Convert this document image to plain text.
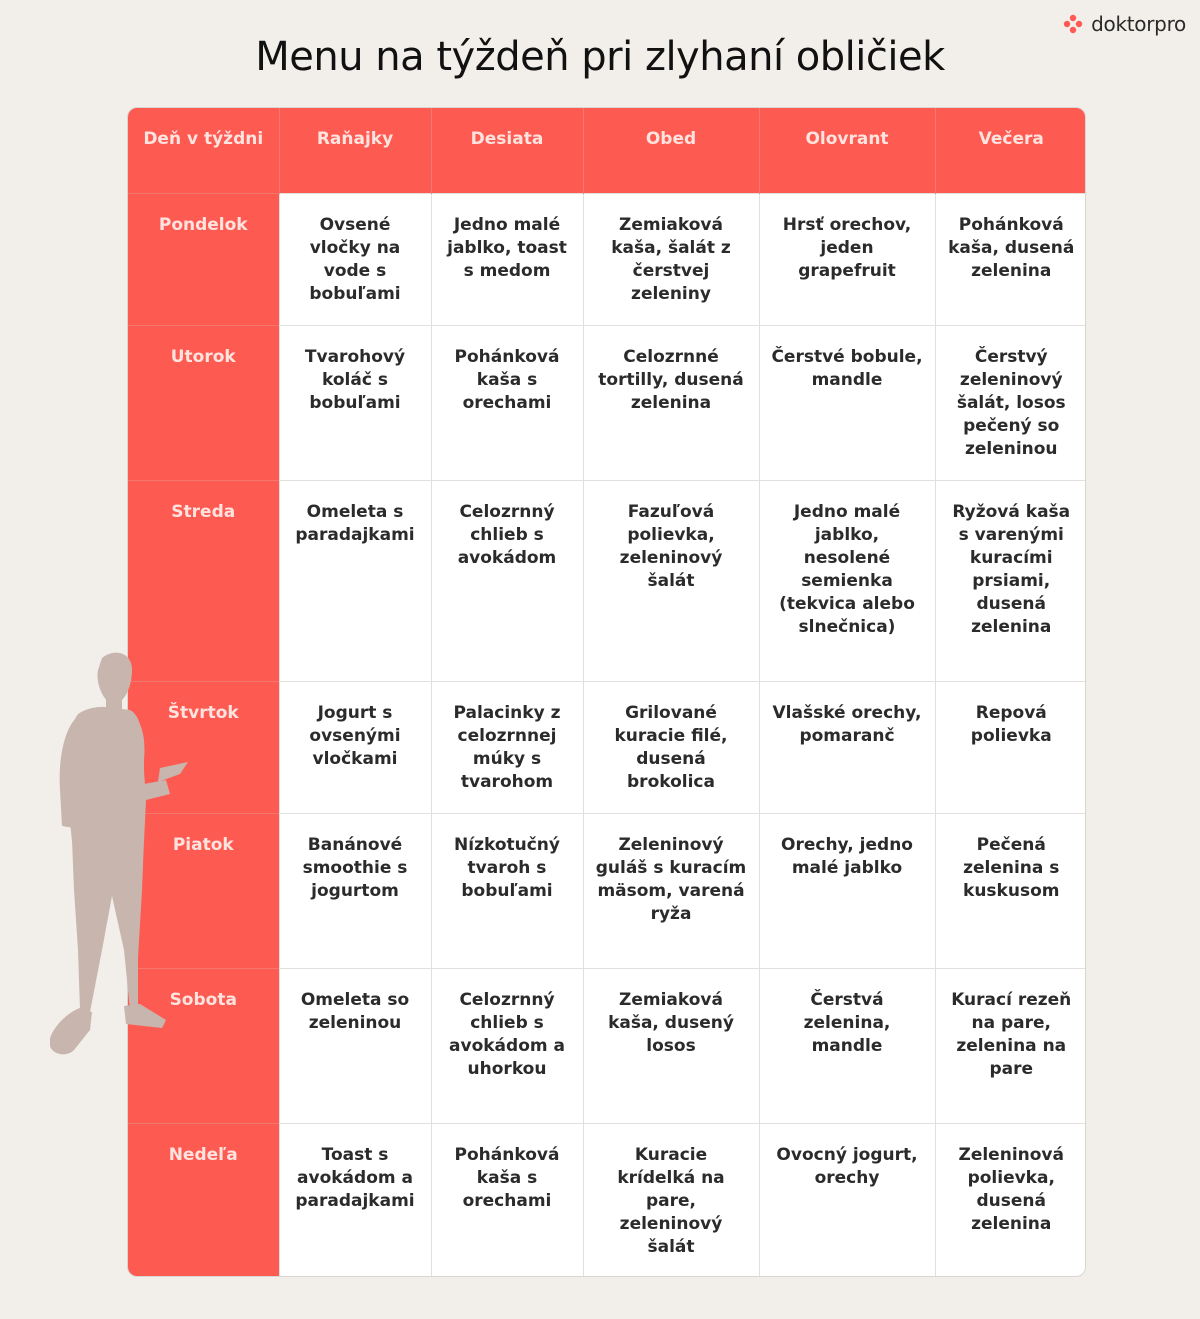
doktorpro
Menu na týždeň pri zlyhaní obličiek
Deň v týždni	Raňajky	Desiata	Obed	Olovrant	Večera
Pondelok	Ovsené vločky na vode s bobuľami	Jedno malé jablko, toast s medom	Zemiaková kaša, šalát z čerstvej zeleniny	Hrsť orechov, jeden grapefruit	Pohánková kaša, dusená zelenina
Utorok	Tvarohový koláč s bobuľami	Pohánková kaša s orechami	Celozrnné tortilly, dusená zelenina	Čerstvé bobule, mandle	Čerstvý zeleninový šalát, losos pečený so zeleninou
Streda	Omeleta s paradajkami	Celozrnný chlieb s avokádom	Fazuľová polievka, zeleninový šalát	Jedno malé jablko, nesolené semienka (tekvica alebo slnečnica)	Ryžová kaša s varenými kuracími prsiami, dusená zelenina
Štvrtok	Jogurt s ovsenými vločkami	Palacinky z celozrnnej múky s tvarohom	Grilované kuracie filé, dusená brokolica	Vlašské orechy, pomaranč	Repová polievka
Piatok	Banánové smoothie s jogurtom	Nízkotučný tvaroh s bobuľami	Zeleninový guláš s kuracím mäsom, varená ryža	Orechy, jedno malé jablko	Pečená zelenina s kuskusom
Sobota	Omeleta so zeleninou	Celozrnný chlieb s avokádom a uhorkou	Zemiaková kaša, dusený losos	Čerstvá zelenina, mandle	Kurací rezeň na pare, zelenina na pare
Nedeľa	Toast s avokádom a paradajkami	Pohánková kaša s orechami	Kuracie krídelká na pare, zeleninový šalát	Ovocný jogurt, orechy	Zeleninová polievka, dusená zelenina
